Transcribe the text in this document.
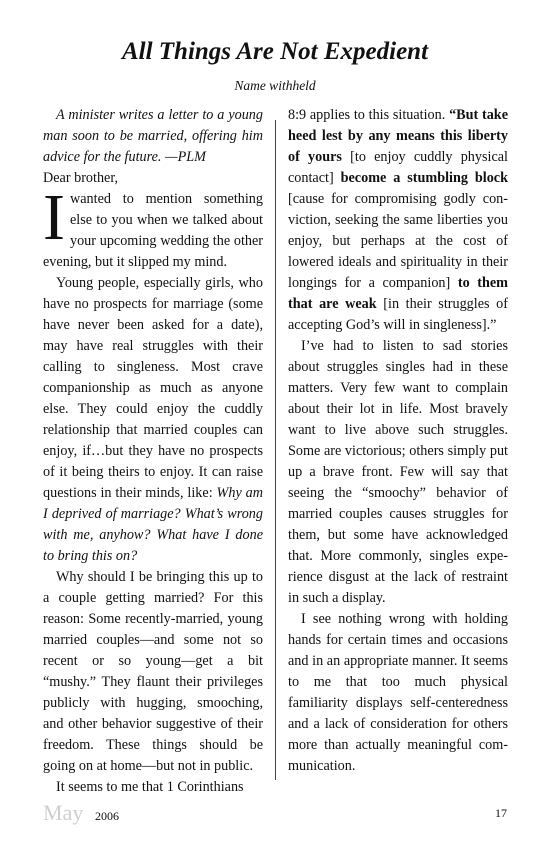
All Things Are Not Expedient
Name withheld

A minister writes a letter to a young man soon to be married, offering him advice for the future. —PLM

Dear brother,

Iwanted to mention something else to you when we talked about your upcoming wedding the other evening, but it slipped my mind.

Young people, especially girls, who have no prospects for marriage (some have never been asked for a date), may have real struggles with their calling to singleness. Most crave companionship as much as anyone else. They could enjoy the cuddly relationship that married couples can enjoy, if…but they have no prospects of it being theirs to enjoy. It can raise questions in their minds, like: Why am I deprived of marriage? What’s wrong with me, anyhow? What have I done to bring this on?

Why should I be bringing this up to a couple getting married? For this reason: Some recently-married, young married couples—and some not so recent or so young—get a bit “mushy.” They flaunt their privileges publicly with hugging, smooching, and other behavior suggestive of their freedom. These things should be going on at home—but not in public.

It seems to me that 1 Corinthians

8:9 applies to this situation. “But take heed lest by any means this liberty of yours [to enjoy cuddly physical contact] become a stumbling block [cause for compromising godly conviction, seeking the same liberties you enjoy, but perhaps at the cost of lowered ideals and spirituality in their longings for a companion] to them that are weak [in their struggles of accepting God’s will in singleness].”

I’ve had to listen to sad stories about struggles singles had in these matters. Very few want to complain about their lot in life. Most bravely want to live above such struggles. Some are victorious; others simply put up a brave front. Few will say that seeing the “smoochy” behavior of married couples causes struggles for them, but some have acknowledged that. More commonly, singles experience disgust at the lack of restraint in such a display.

I see nothing wrong with holding hands for certain times and occasions and in an appropriate manner. It seems to me that too much physical familiarity displays self-centeredness and a lack of consideration for others more than actually meaningful communication.

May 2006	17
